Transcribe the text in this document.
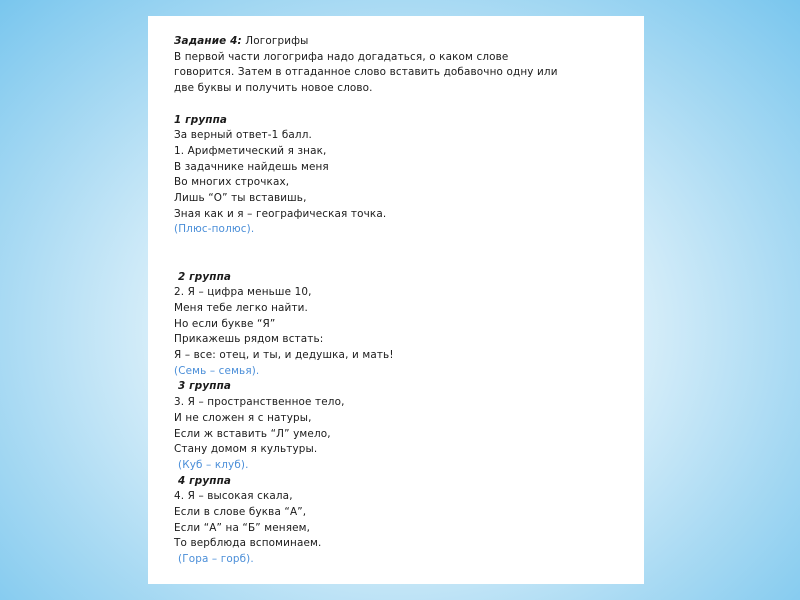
Задание 4: Логогрифы
В первой части логогрифа надо догадаться, о каком слове
говорится. Затем в отгаданное слово вставить добавочно одну или
две буквы и получить новое слово.
1 группа
За верный ответ-1 балл.
1. Арифметический я знак,
В задачнике найдешь меня
Во многих строчках,
Лишь “О” ты вставишь,
Зная как и я – географическая точка.
(Плюс-полюс).
2 группа
2. Я – цифра меньше 10,
Меня тебе легко найти.
Но если букве “Я”
Прикажешь рядом встать:
Я – все: отец, и ты, и дедушка, и мать!
(Семь – семья).
3 группа
3. Я – пространственное тело,
И не сложен я с натуры,
Если ж вставить “Л” умело,
Стану домом я культуры.
(Куб – клуб).
4 группа
4. Я – высокая скала,
Если в слове буква “А”,
Если “А” на “Б” меняем,
То верблюда вспоминаем.
(Гора – горб).
